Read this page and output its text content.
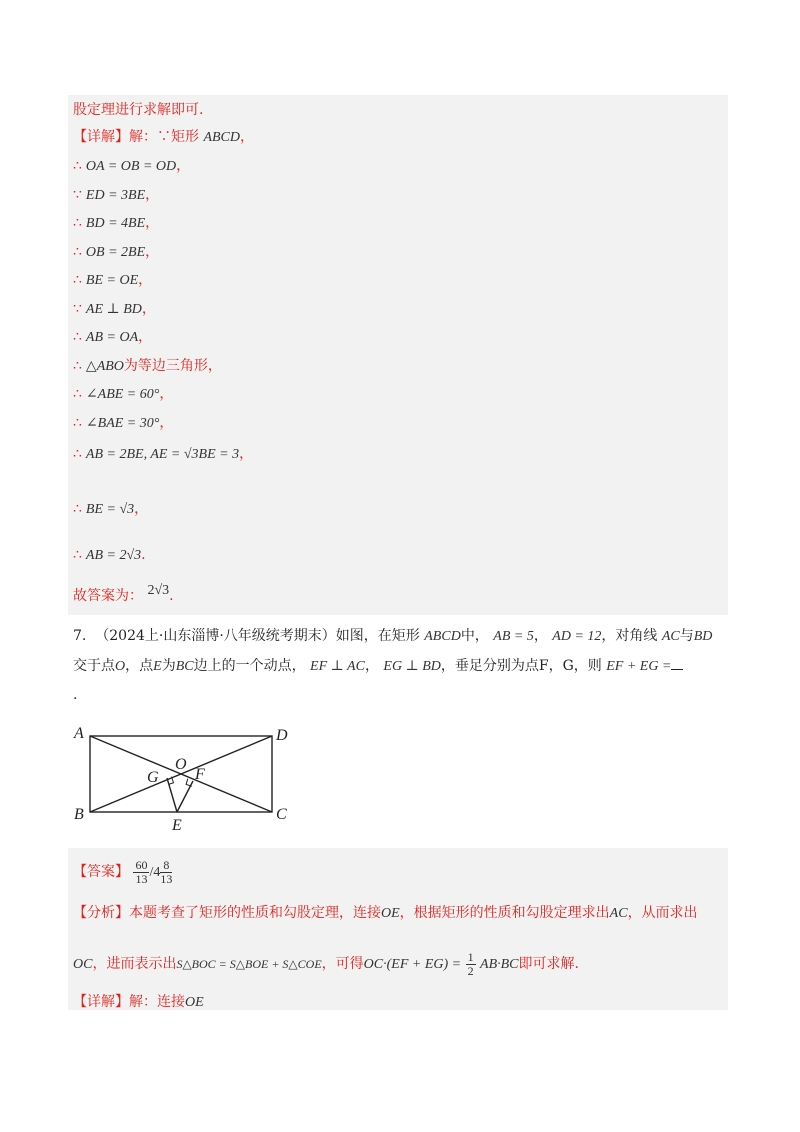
股定理进行求解即可.
【详解】解：∵矩形 ABCD，
∴ OA = OB = OD，
∵ ED = 3BE，
∴ BD = 4BE，
∴ OB = 2BE，
∴ BE = OE，
∵ AE ⊥ BD，
∴ AB = OA，
∴ △ABO为等边三角形，
∴ ∠ABE = 60°，
∴ ∠BAE = 30°，
∴ AB = 2BE, AE = √3BE = 3，
∴ BE = √3，
∴ AB = 2√3.
故答案为： 2√3.
7. （2024上·山东淄博·八年级统考期末）如图，在矩形 ABCD中， AB = 5， AD = 12，对角线 AC与BD
交于点O，点E为BC边上的一个动点， EF ⊥ AC， EG ⊥ BD，垂足分别为点F，G，则 EF + EG =
.
A	D
B	C
O
G F
E
【答案】 $\frac{60}{13} /4 \frac{8}{13}$
【分析】本题考查了矩形的性质和勾股定理，连接OE，根据矩形的性质和勾股定理求出AC，从而求出
OC，进而表示出S△BOC = S△BOE + S△COE，可得$OC\cdot(EF + EG) = \frac{1}{2} AB\cdot BC$即可求解.
【详解】解：连接OE
